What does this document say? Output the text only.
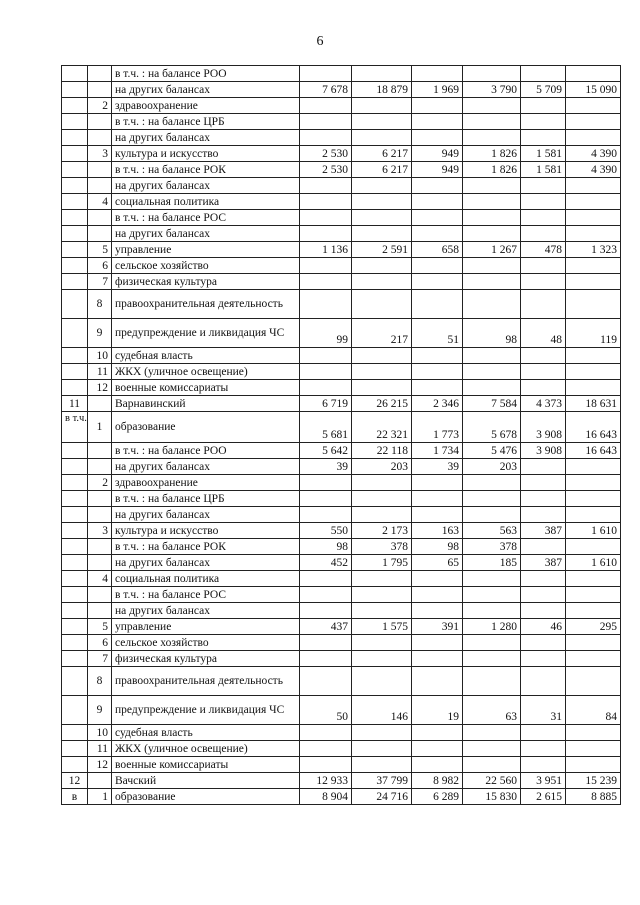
6
		в т.ч. : на балансе РОО						
		на других балансах	7 678	18 879	1 969	3 790	5 709	15 090
	2	здравоохранение						
		в т.ч. : на балансе ЦРБ						
		на других балансах						
	3	культура и искусство	2 530	6 217	949	1 826	1 581	4 390
		в т.ч. : на балансе РОК	2 530	6 217	949	1 826	1 581	4 390
		на других балансах						
	4	социальная политика						
		в т.ч. : на балансе РОС						
		на других балансах						
	5	управление	1 136	2 591	658	1 267	478	1 323
	6	сельское хозяйство						
	7	физическая культура						
	8	правоохранительная деятельность						
	9	предупреждение и ликвидация ЧС	99	217	51	98	48	119
	10	судебная власть						
	11	ЖКХ (уличное освещение)						
	12	военные комиссариаты						
11		Варнавинский	6 719	26 215	2 346	7 584	4 373	18 631
в т.ч.	1	образование	5 681	22 321	1 773	5 678	3 908	16 643
		в т.ч. : на балансе РОО	5 642	22 118	1 734	5 476	3 908	16 643
		на других балансах	39	203	39	203		
	2	здравоохранение						
		в т.ч. : на балансе ЦРБ						
		на других балансах						
	3	культура и искусство	550	2 173	163	563	387	1 610
		в т.ч. : на балансе РОК	98	378	98	378		
		на других балансах	452	1 795	65	185	387	1 610
	4	социальная политика						
		в т.ч. : на балансе РОС						
		на других балансах						
	5	управление	437	1 575	391	1 280	46	295
	6	сельское хозяйство						
	7	физическая культура						
	8	правоохранительная деятельность						
	9	предупреждение и ликвидация ЧС	50	146	19	63	31	84
	10	судебная власть						
	11	ЖКХ (уличное освещение)						
	12	военные комиссариаты						
12		Вачский	12 933	37 799	8 982	22 560	3 951	15 239
в	1	образование	8 904	24 716	6 289	15 830	2 615	8 885
